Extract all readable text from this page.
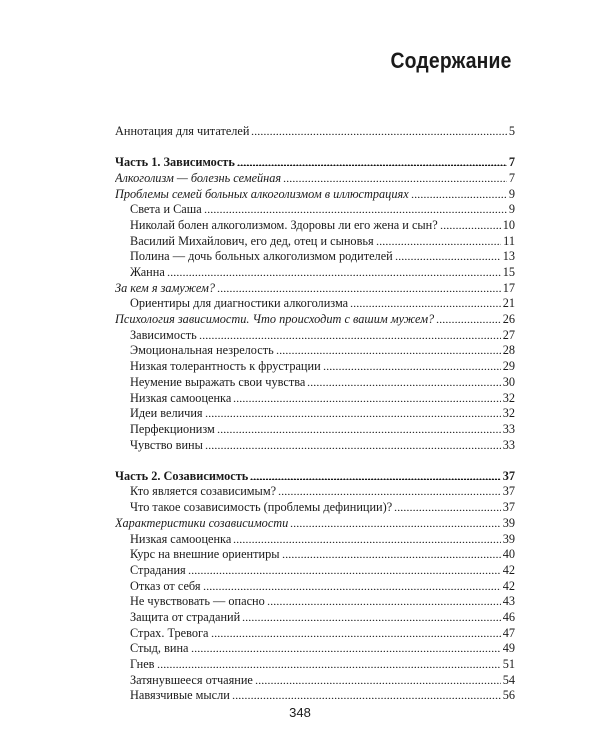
Содержание
Аннотация для читателей	5
Часть 1. Зависимость	7
Алкоголизм — болезнь семейная	7
Проблемы семей больных алкоголизмом в иллюстрациях	9
Света и Саша	9
Николай болен алкоголизмом. Здоровы ли его жена и сын?	10
Василий Михайлович, его дед, отец и сыновья	11
Полина — дочь больных алкоголизмом родителей	13
Жанна	15
За кем я замужем?	17
Ориентиры для диагностики алкоголизма	21
Психология зависимости. Что происходит с вашим мужем?	26
Зависимость	27
Эмоциональная незрелость	28
Низкая толерантность к фрустрации	29
Неумение выражать свои чувства	30
Низкая самооценка	32
Идеи величия	32
Перфекционизм	33
Чувство вины	33
Часть 2. Созависимость	37
Кто является созависимым?	37
Что такое созависимость (проблемы дефиниции)?	37
Характеристики созависимости	39
Низкая самооценка	39
Курс на внешние ориентиры	40
Страдания	42
Отказ от себя	42
Не чувствовать — опасно	43
Защита от страданий	46
Страх. Тревога	47
Стыд, вина	49
Гнев	51
Затянувшееся отчаяние	54
Навязчивые мысли	56
348
